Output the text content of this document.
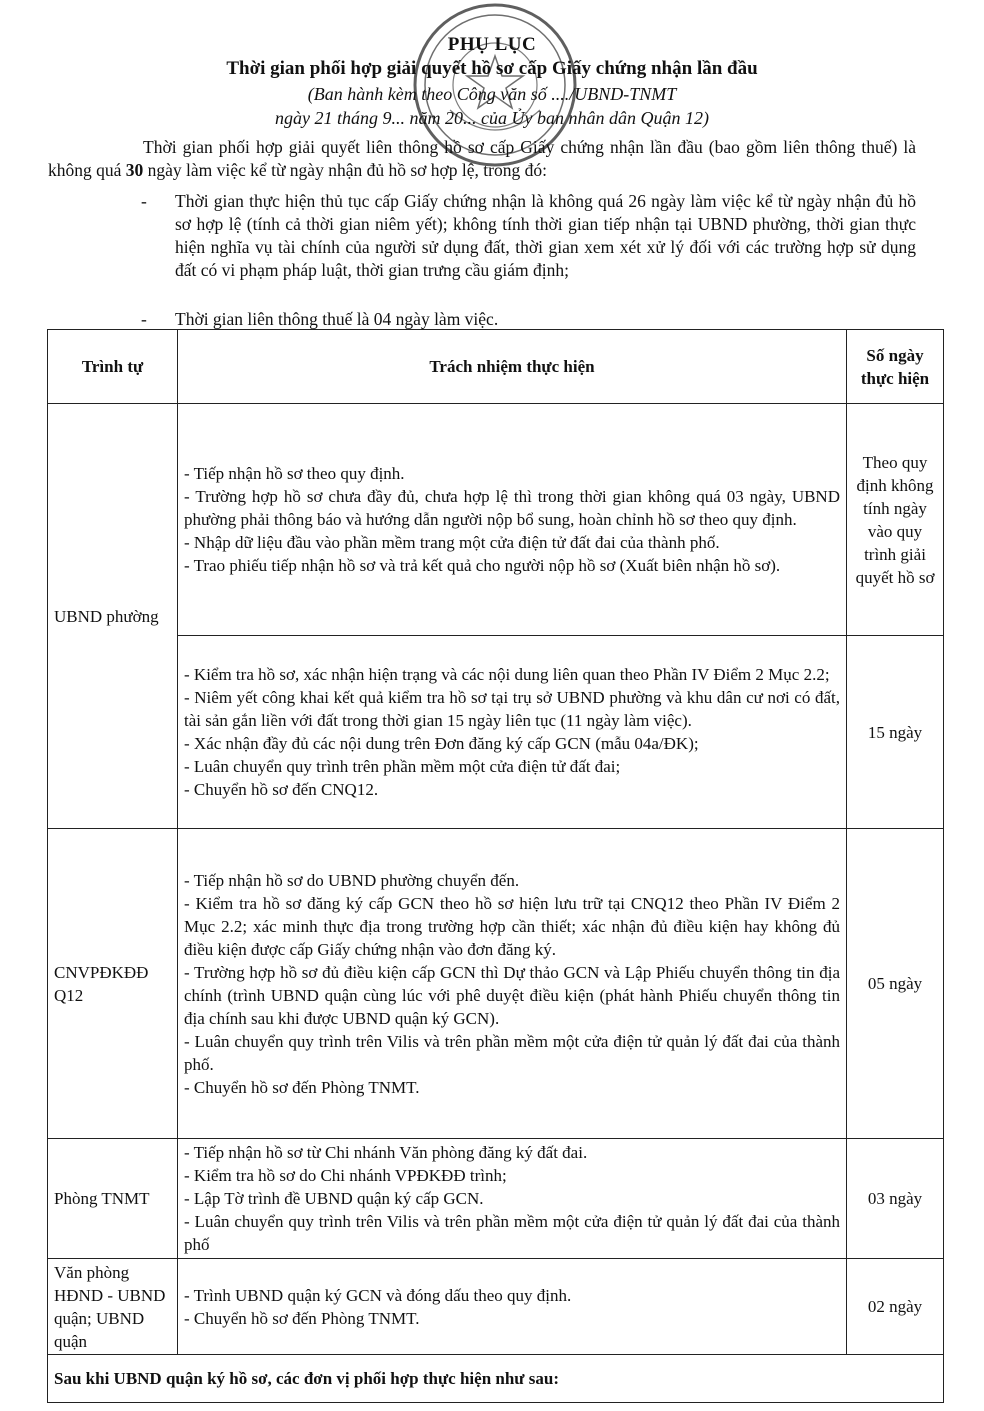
PHỤ LỤC
Thời gian phối hợp giải quyết hồ sơ cấp Giấy chứng nhận lần đầu
(Ban hành kèm theo Công văn số ..../UBND-TNMT
ngày 21 tháng 9... năm 20... của Ủy ban nhân dân Quận 12)
Thời gian phối hợp giải quyết liên thông hồ sơ cấp Giấy chứng nhận lần đầu (bao gồm liên thông thuế) là không quá 30 ngày làm việc kể từ ngày nhận đủ hồ sơ hợp lệ, trong đó:
- Thời gian thực hiện thủ tục cấp Giấy chứng nhận là không quá 26 ngày làm việc kể từ ngày nhận đủ hồ sơ hợp lệ (tính cả thời gian niêm yết); không tính thời gian tiếp nhận tại UBND phường, thời gian thực hiện nghĩa vụ tài chính của người sử dụng đất, thời gian xem xét xử lý đối với các trường hợp sử dụng đất có vi phạm pháp luật, thời gian trưng cầu giám định;
- Thời gian liên thông thuế là 04 ngày làm việc.
Trình tự	Trách nhiệm thực hiện	Số ngày thực hiện
UBND phường	- Tiếp nhận hồ sơ theo quy định.
- Trường hợp hồ sơ chưa đầy đủ, chưa hợp lệ thì trong thời gian không quá 03 ngày, UBND phường phải thông báo và hướng dẫn người nộp bổ sung, hoàn chỉnh hồ sơ theo quy định.
- Nhập dữ liệu đầu vào phần mềm trang một cửa điện tử đất đai của thành phố.
- Trao phiếu tiếp nhận hồ sơ và trả kết quả cho người nộp hồ sơ (Xuất biên nhận hồ sơ).	Theo quy định không tính ngày vào quy trình giải quyết hồ sơ

	- Kiểm tra hồ sơ, xác nhận hiện trạng và các nội dung liên quan theo Phần IV Điểm 2 Mục 2.2;
- Niêm yết công khai kết quả kiểm tra hồ sơ tại trụ sở UBND phường và khu dân cư nơi có đất, tài sản gắn liền với đất trong thời gian 15 ngày liên tục (11 ngày làm việc).
- Xác nhận đầy đủ các nội dung trên Đơn đăng ký cấp GCN (mẫu 04a/ĐK);
- Luân chuyển quy trình trên phần mềm một cửa điện tử đất đai;
- Chuyển hồ sơ đến CNQ12.	15 ngày
CNVPĐKĐĐ Q12	- Tiếp nhận hồ sơ do UBND phường chuyển đến.
- Kiểm tra hồ sơ đăng ký cấp GCN theo hồ sơ hiện lưu trữ tại CNQ12 theo Phần IV Điểm 2 Mục 2.2; xác minh thực địa trong trường hợp cần thiết; xác nhận đủ điều kiện hay không đủ điều kiện được cấp Giấy chứng nhận vào đơn đăng ký.
- Trường hợp hồ sơ đủ điều kiện cấp GCN thì Dự thảo GCN và Lập Phiếu chuyển thông tin địa chính (trình UBND quận cùng lúc với phê duyệt điều kiện (phát hành Phiếu chuyển thông tin địa chính sau khi được UBND quận ký GCN).
- Luân chuyển quy trình trên Vilis và trên phần mềm một cửa điện tử quản lý đất đai của thành phố.
- Chuyển hồ sơ đến Phòng TNMT.	05 ngày
Phòng TNMT	- Tiếp nhận hồ sơ từ Chi nhánh Văn phòng đăng ký đất đai.
- Kiểm tra hồ sơ do Chi nhánh VPĐKĐĐ trình;
- Lập Tờ trình đề UBND quận ký cấp GCN.
- Luân chuyển quy trình trên Vilis và trên phần mềm một cửa điện tử quản lý đất đai của thành phố	03 ngày
Văn phòng HĐND - UBND quận; UBND quận	- Trình UBND quận ký GCN và đóng dấu theo quy định.
- Chuyển hồ sơ đến Phòng TNMT.	02 ngày
Sau khi UBND quận ký hồ sơ, các đơn vị phối hợp thực hiện như sau:		
